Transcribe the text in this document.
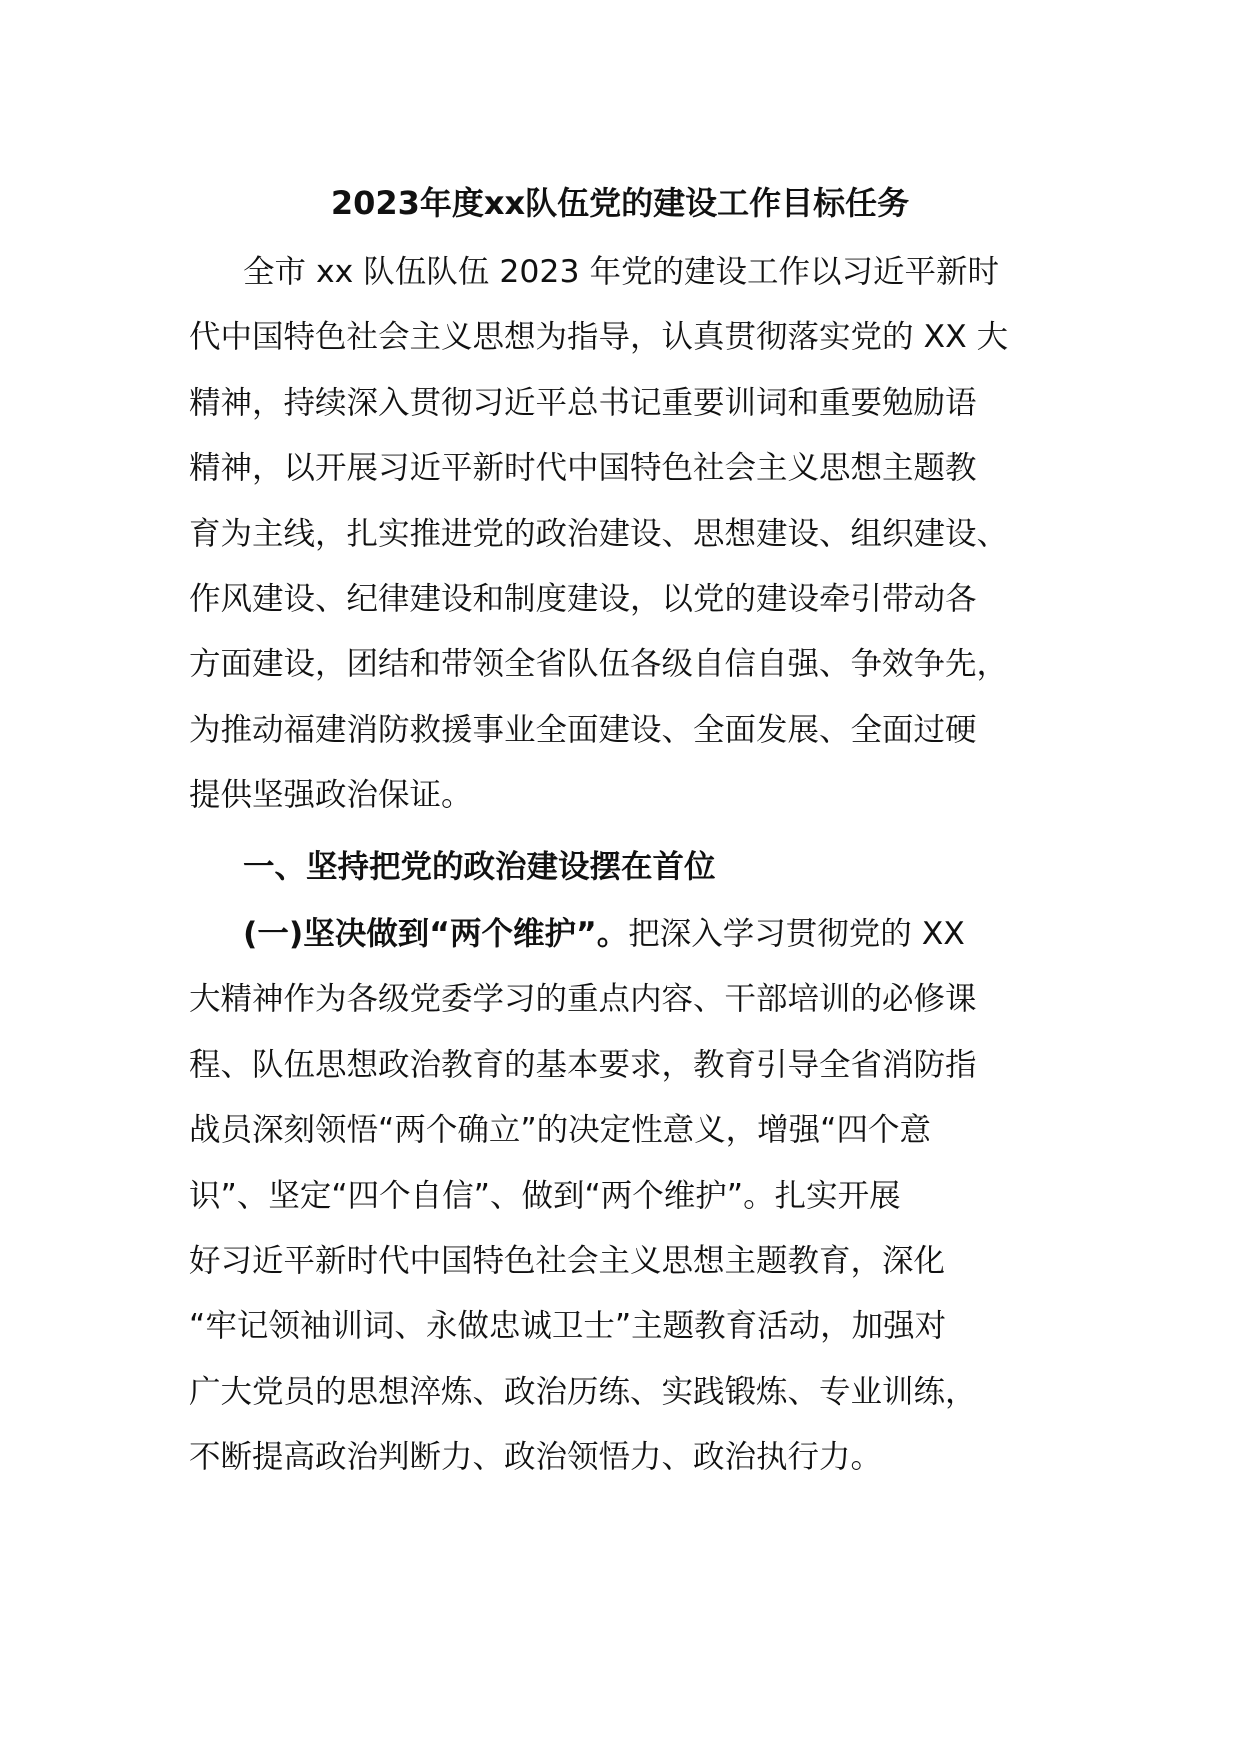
2023年度xx队伍党的建设工作目标任务
全市 xx 队伍队伍 2023 年党的建设工作以习近平新时
代中国特色社会主义思想为指导，认真贯彻落实党的 XX 大
精神，持续深入贯彻习近平总书记重要训词和重要勉励语
精神，以开展习近平新时代中国特色社会主义思想主题教
育为主线，扎实推进党的政治建设、思想建设、组织建设、
作风建设、纪律建设和制度建设，以党的建设牵引带动各
方面建设，团结和带领全省队伍各级自信自强、争效争先，
为推动福建消防救援事业全面建设、全面发展、全面过硬
提供坚强政治保证。
一、坚持把党的政治建设摆在首位
(一)坚决做到“两个维护”。把深入学习贯彻党的 XX
大精神作为各级党委学习的重点内容、干部培训的必修课
程、队伍思想政治教育的基本要求，教育引导全省消防指
战员深刻领悟“两个确立”的决定性意义，增强“四个意
识”、坚定“四个自信”、做到“两个维护”。扎实开展
好习近平新时代中国特色社会主义思想主题教育，深化
“牢记领袖训词、永做忠诚卫士”主题教育活动，加强对
广大党员的思想淬炼、政治历练、实践锻炼、专业训练，
不断提高政治判断力、政治领悟力、政治执行力。
